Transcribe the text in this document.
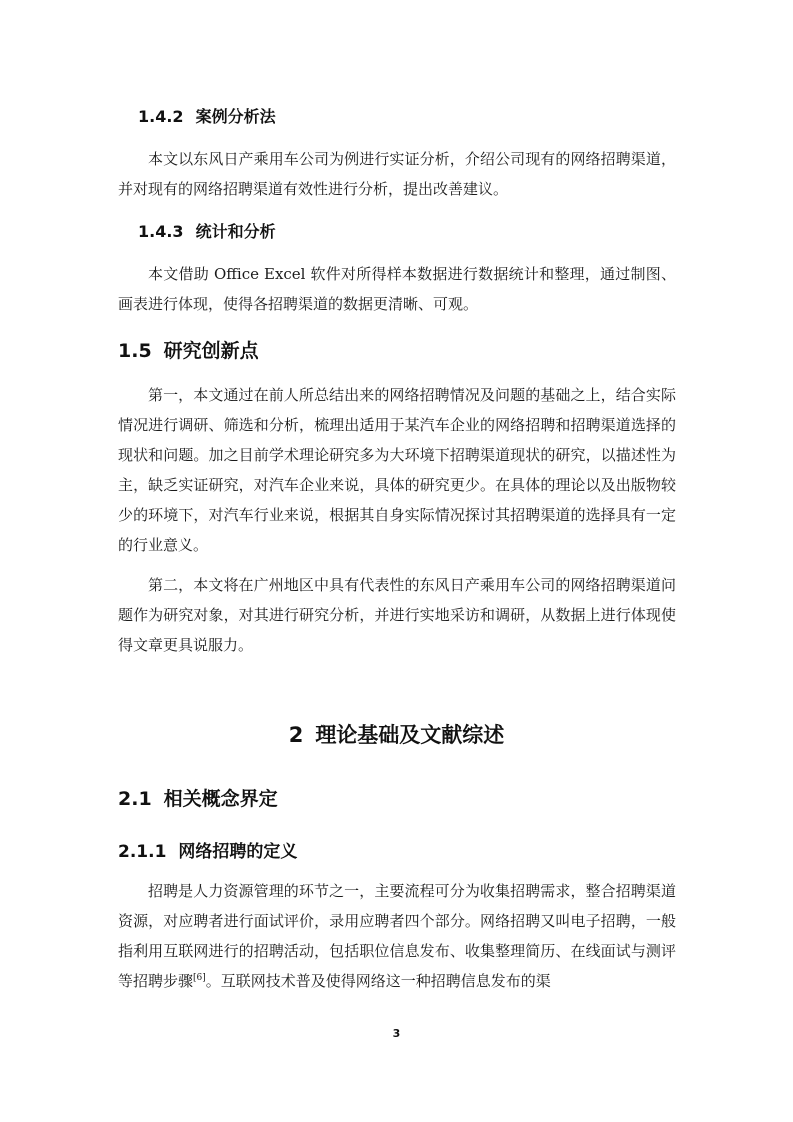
1.4.2 案例分析法

本文以东风日产乘用车公司为例进行实证分析，介绍公司现有的网络招聘渠道，并对现有的网络招聘渠道有效性进行分析，提出改善建议。

1.4.3 统计和分析

本文借助 Office Excel 软件对所得样本数据进行数据统计和整理，通过制图、画表进行体现，使得各招聘渠道的数据更清晰、可观。

1.5 研究创新点

第一，本文通过在前人所总结出来的网络招聘情况及问题的基础之上，结合实际情况进行调研、筛选和分析，梳理出适用于某汽车企业的网络招聘和招聘渠道选择的现状和问题。加之目前学术理论研究多为大环境下招聘渠道现状的研究，以描述性为主，缺乏实证研究，对汽车企业来说，具体的研究更少。在具体的理论以及出版物较少的环境下，对汽车行业来说，根据其自身实际情况探讨其招聘渠道的选择具有一定的行业意义。

第二，本文将在广州地区中具有代表性的东风日产乘用车公司的网络招聘渠道问题作为研究对象，对其进行研究分析，并进行实地采访和调研，从数据上进行体现使得文章更具说服力。

2 理论基础及文献综述
2.1 相关概念界定
2.1.1 网络招聘的定义

招聘是人力资源管理的环节之一，主要流程可分为收集招聘需求，整合招聘渠道资源，对应聘者进行面试评价，录用应聘者四个部分。网络招聘又叫电子招聘，一般指利用互联网进行的招聘活动，包括职位信息发布、收集整理简历、在线面试与测评等招聘步骤[6]。互联网技术普及使得网络这一种招聘信息发布的渠

3
